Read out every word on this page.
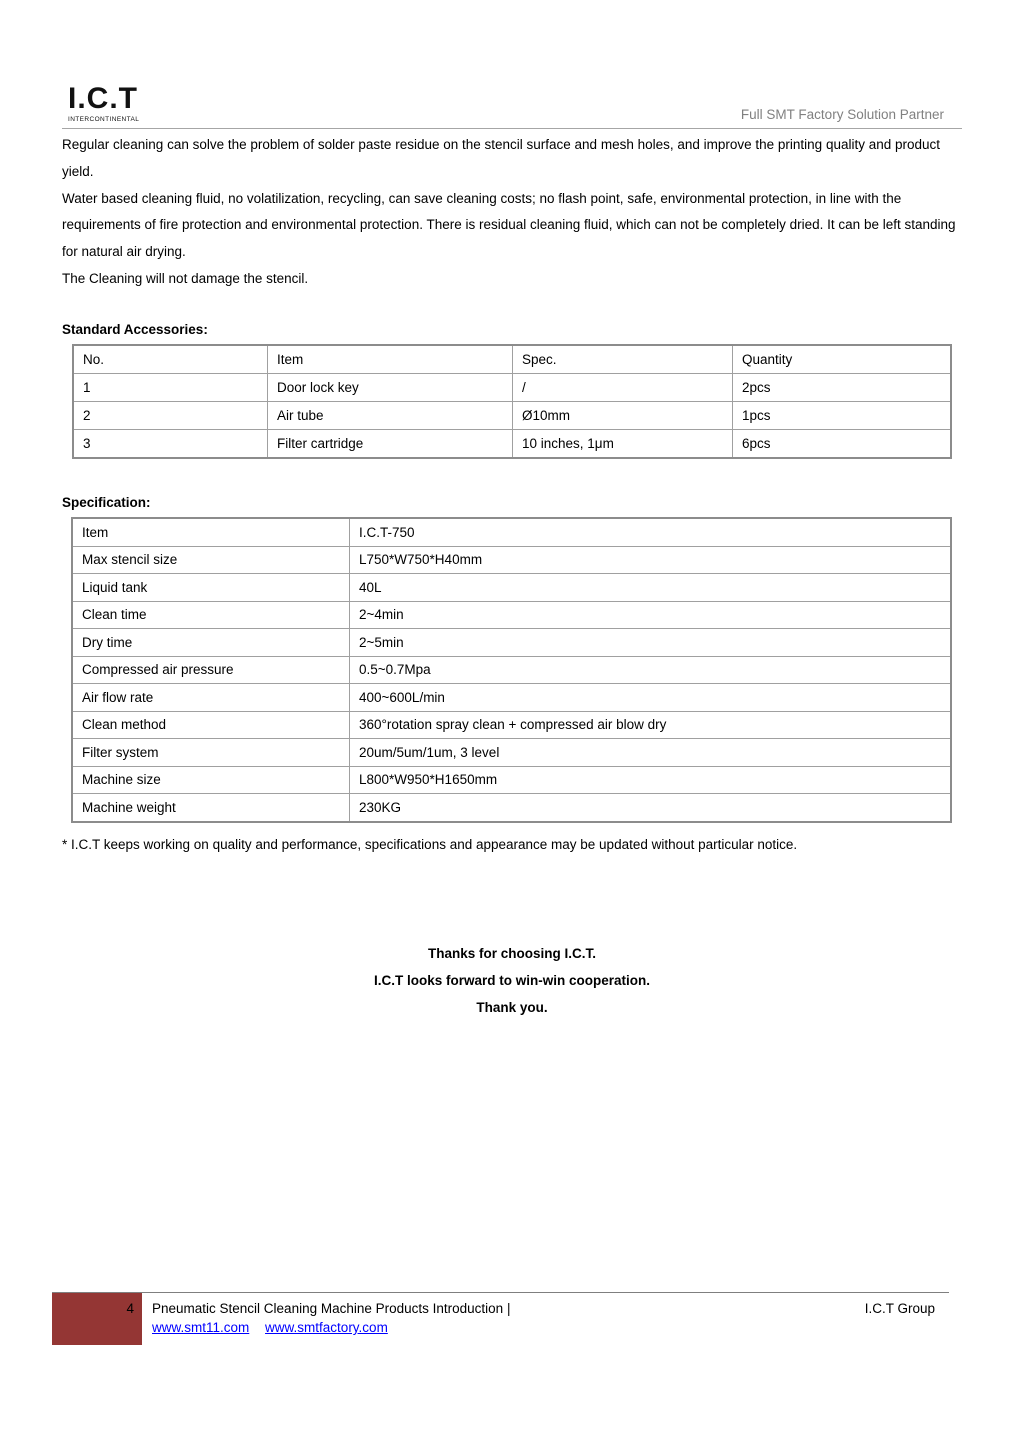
I.C.T
INTERCONTINENTAL	Full SMT Factory Solution Partner

Regular cleaning can solve the problem of solder paste residue on the stencil surface and mesh holes, and improve the printing quality and product yield.

Water based cleaning fluid, no volatilization, recycling, can save cleaning costs; no flash point, safe, environmental protection, in line with the requirements of fire protection and environmental protection. There is residual cleaning fluid, which can not be completely dried. It can be left standing for natural air drying.

The Cleaning will not damage the stencil.

Standard Accessories:
No.	Item	Spec.	Quantity
1	Door lock key	/	2pcs
2	Air tube	Ø10mm	1pcs
3	Filter cartridge	10 inches, 1μm	6pcs
Specification:
Item	I.C.T-750
Max stencil size	L750*W750*H40mm
Liquid tank	40L
Clean time	2~4min
Dry time	2~5min
Compressed air pressure	0.5~0.7Mpa
Air flow rate	400~600L/min
Clean method	360°rotation spray clean + compressed air blow dry
Filter system	20um/5um/1um, 3 level
Machine size	L800*W950*H1650mm
Machine weight	230KG
* I.C.T keeps working on quality and performance, specifications and appearance may be updated without particular notice.
Thanks for choosing I.C.T.
I.C.T looks forward to win-win cooperation.
Thank you.
4 Pneumatic Stencil Cleaning Machine Products Introduction |	I.C.T Group
www.smt11.com www.smtfactory.com
